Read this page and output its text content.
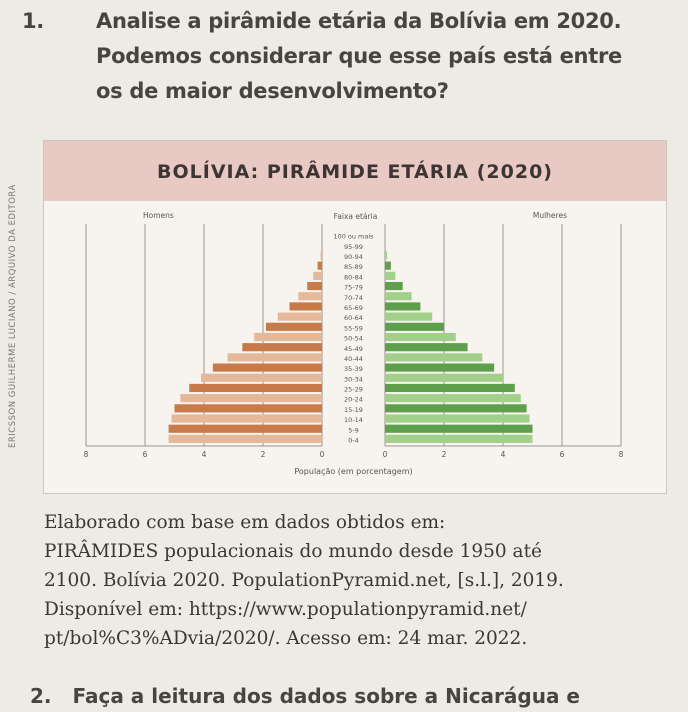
1. Analise a pirâmide etária da Bolívia em 2020.
Podemos considerar que esse país está entre
os de maior desenvolvimento?
BOLÍVIA: PIRÂMIDE ETÁRIA (2020)
ERICSSON GUILHERME LUCIANO / ARQUIVO DA EDITORA	100 ou mais
95-99
90-94
85-89
80-84
75-79
70-74
65-69
60-64
55-59
50-54
45-49
40-44
35-39
30-34
25-29
20-24
15-19
10-14
5-9
0-4
Homens	Faixa etária	Mulheres
8	6	4	2	0	0	2	4	6	8
População (em porcentagem)
Elaborado com base em dados obtidos em:
PIRÂMIDES populacionais do mundo desde 1950 até
2100. Bolívia 2020. PopulationPyramid.net, [s.l.], 2019.
Disponível em: https://www.populationpyramid.net/
pt/bol%C3%ADvia/2020/. Acesso em: 24 mar. 2022.
2. Faça a leitura dos dados sobre a Nicarágua e
